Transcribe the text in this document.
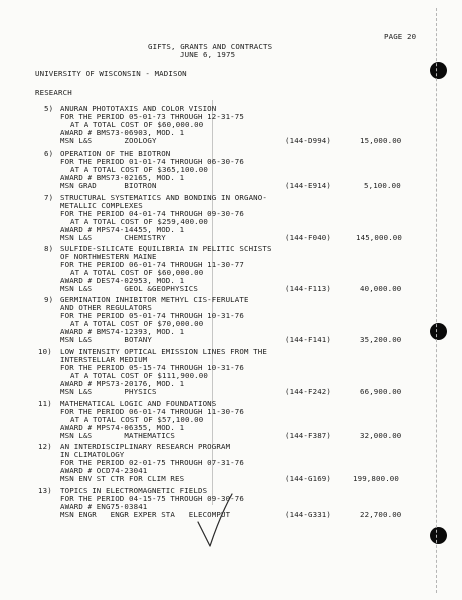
PAGE 20
GIFTS, GRANTS AND CONTRACTS
JUNE 6, 1975
UNIVERSITY OF WISCONSIN - MADISON
RESEARCH
5) ANURAN PHOTOTAXIS AND COLOR VISION
FOR THE PERIOD 05-01-73 THROUGH 12-31-75
AT A TOTAL COST OF $60,000.00
AWARD # BMS73-06903, MOD. 1
MSN L&S       ZOOLOGY	(144-D994)	15,000.00
6) OPERATION OF THE BIOTRON
FOR THE PERIOD 01-01-74 THROUGH 06-30-76
AT A TOTAL COST OF $365,100.00
AWARD # BMS73-02165, MOD. 1
MSN GRAD      BIOTRON	(144-E914)	5,100.00
7) STRUCTURAL SYSTEMATICS AND BONDING IN ORGANO-
METALLIC COMPLEXES
FOR THE PERIOD 04-01-74 THROUGH 09-30-76
AT A TOTAL COST OF $259,400.00
AWARD # MPS74-14455, MOD. 1
MSN L&S       CHEMISTRY	(144-F040)	145,000.00
8) SULFIDE-SILICATE EQUILIBRIA IN PELITIC SCHISTS
OF NORTHWESTERN MAINE
FOR THE PERIOD 06-01-74 THROUGH 11-30-77
AT A TOTAL COST OF $60,000.00
AWARD # DES74-02953, MOD. 1
MSN L&S       GEOL &GEOPHYSICS	(144-F113)	40,000.00
9) GERMINATION INHIBITOR METHYL CIS-FERULATE
AND OTHER REGULATORS
FOR THE PERIOD 05-01-74 THROUGH 10-31-76
AT A TOTAL COST OF $70,000.00
AWARD # BMS74-12393, MOD. 1
MSN L&S       BOTANY	(144-F141)	35,200.00
10) LOW INTENSITY OPTICAL EMISSION LINES FROM THE
INTERSTELLAR MEDIUM
FOR THE PERIOD 05-15-74 THROUGH 10-31-76
AT A TOTAL COST OF $111,900.00
AWARD # MPS73-20176, MOD. 1
MSN L&S       PHYSICS	(144-F242)	66,900.00
11) MATHEMATICAL LOGIC AND FOUNDATIONS
FOR THE PERIOD 06-01-74 THROUGH 11-30-76
AT A TOTAL COST OF $57,100.00
AWARD # MPS74-06355, MOD. 1
MSN L&S       MATHEMATICS	(144-F387)	32,000.00
12) AN INTERDISCIPLINARY RESEARCH PROGRAM
IN CLIMATOLOGY
FOR THE PERIOD 02-01-75 THROUGH 07-31-76
AWARD # OCD74-23041
MSN ENV ST CTR FOR CLIM RES	(144-G169)	199,800.00
13) TOPICS IN ELECTROMAGNETIC FIELDS
FOR THE PERIOD 04-15-75 THROUGH 09-30-76
AWARD # ENG75-03841
MSN ENGR   ENGR EXPER STA   ELECOMPUT	(144-G331)	22,700.00
